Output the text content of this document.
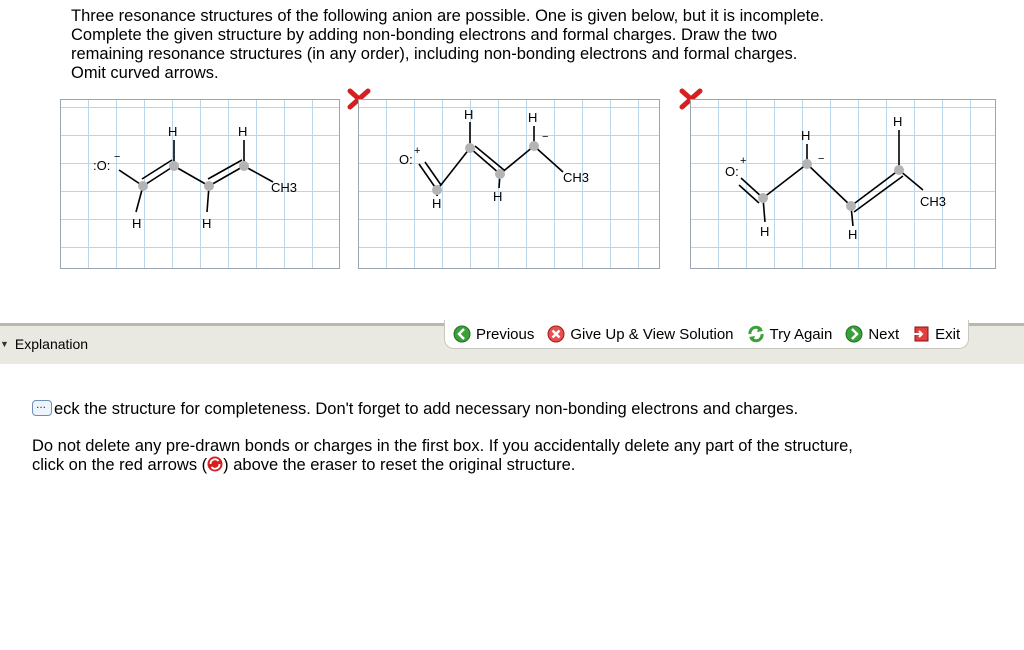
Three resonance structures of the following anion are possible. One is given below, but it is incomplete.
Complete the given structure by adding non-bonding electrons and formal charges. Draw the two
remaining resonance structures (in any order), including non-bonding electrons and formal charges.
Omit curved arrows.
:O:
−
H	H
H	H
CH3
O:
+
H	H
−
H	H
CH3	O:
+
H
−
H
H	H
CH3
▼ Explanation
Previous Give Up & View Solution Try Again Next Exit

...eck the structure for completeness. Don't forget to add necessary non-bonding electrons and charges.

Do not delete any pre-drawn bonds or charges in the first box. If you accidentally delete any part of the structure,
click on the red arrows ( ) above the eraser to reset the original structure.
